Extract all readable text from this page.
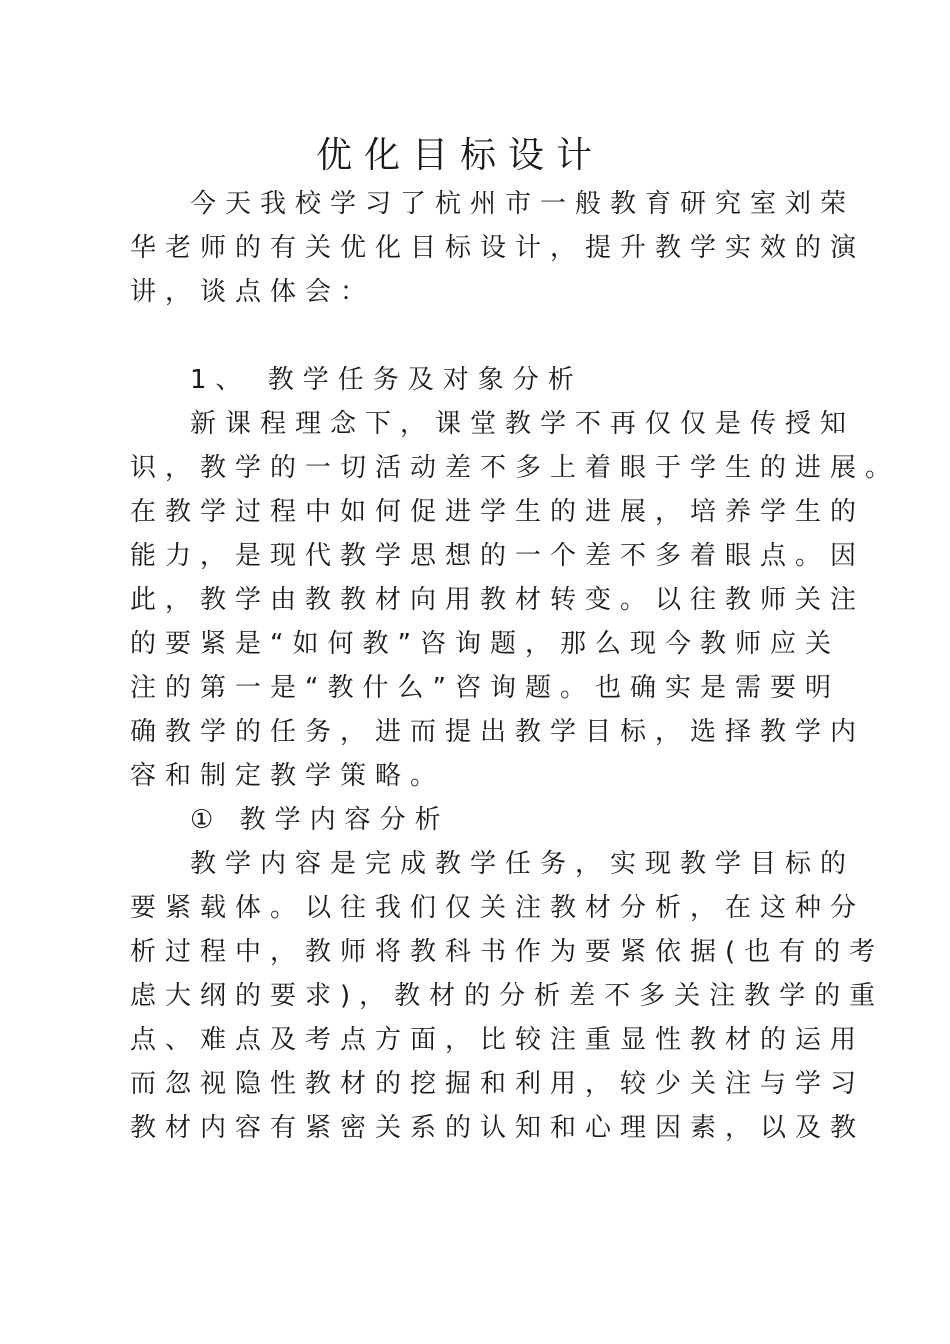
优化目标设计
今天我校学习了杭州市一般教育研究室刘荣
华老师的有关优化目标设计，提升教学实效的演
讲，谈点体会：
1、 教学任务及对象分析
新课程理念下，课堂教学不再仅仅是传授知
识，教学的一切活动差不多上着眼于学生的进展。
在教学过程中如何促进学生的进展，培养学生的
能力，是现代教学思想的一个差不多着眼点。因
此，教学由教教材向用教材转变。以往教师关注
的要紧是“如何教”咨询题，那么现今教师应关
注的第一是“教什么”咨询题。也确实是需要明
确教学的任务，进而提出教学目标，选择教学内
容和制定教学策略。
① 教学内容分析
教学内容是完成教学任务，实现教学目标的
要紧载体。以往我们仅关注教材分析，在这种分
析过程中，教师将教科书作为要紧依据(也有的考
虑大纲的要求)，教材的分析差不多关注教学的重
点、难点及考点方面，比较注重显性教材的运用
而忽视隐性教材的挖掘和利用，较少关注与学习
教材内容有紧密关系的认知和心理因素，以及教
